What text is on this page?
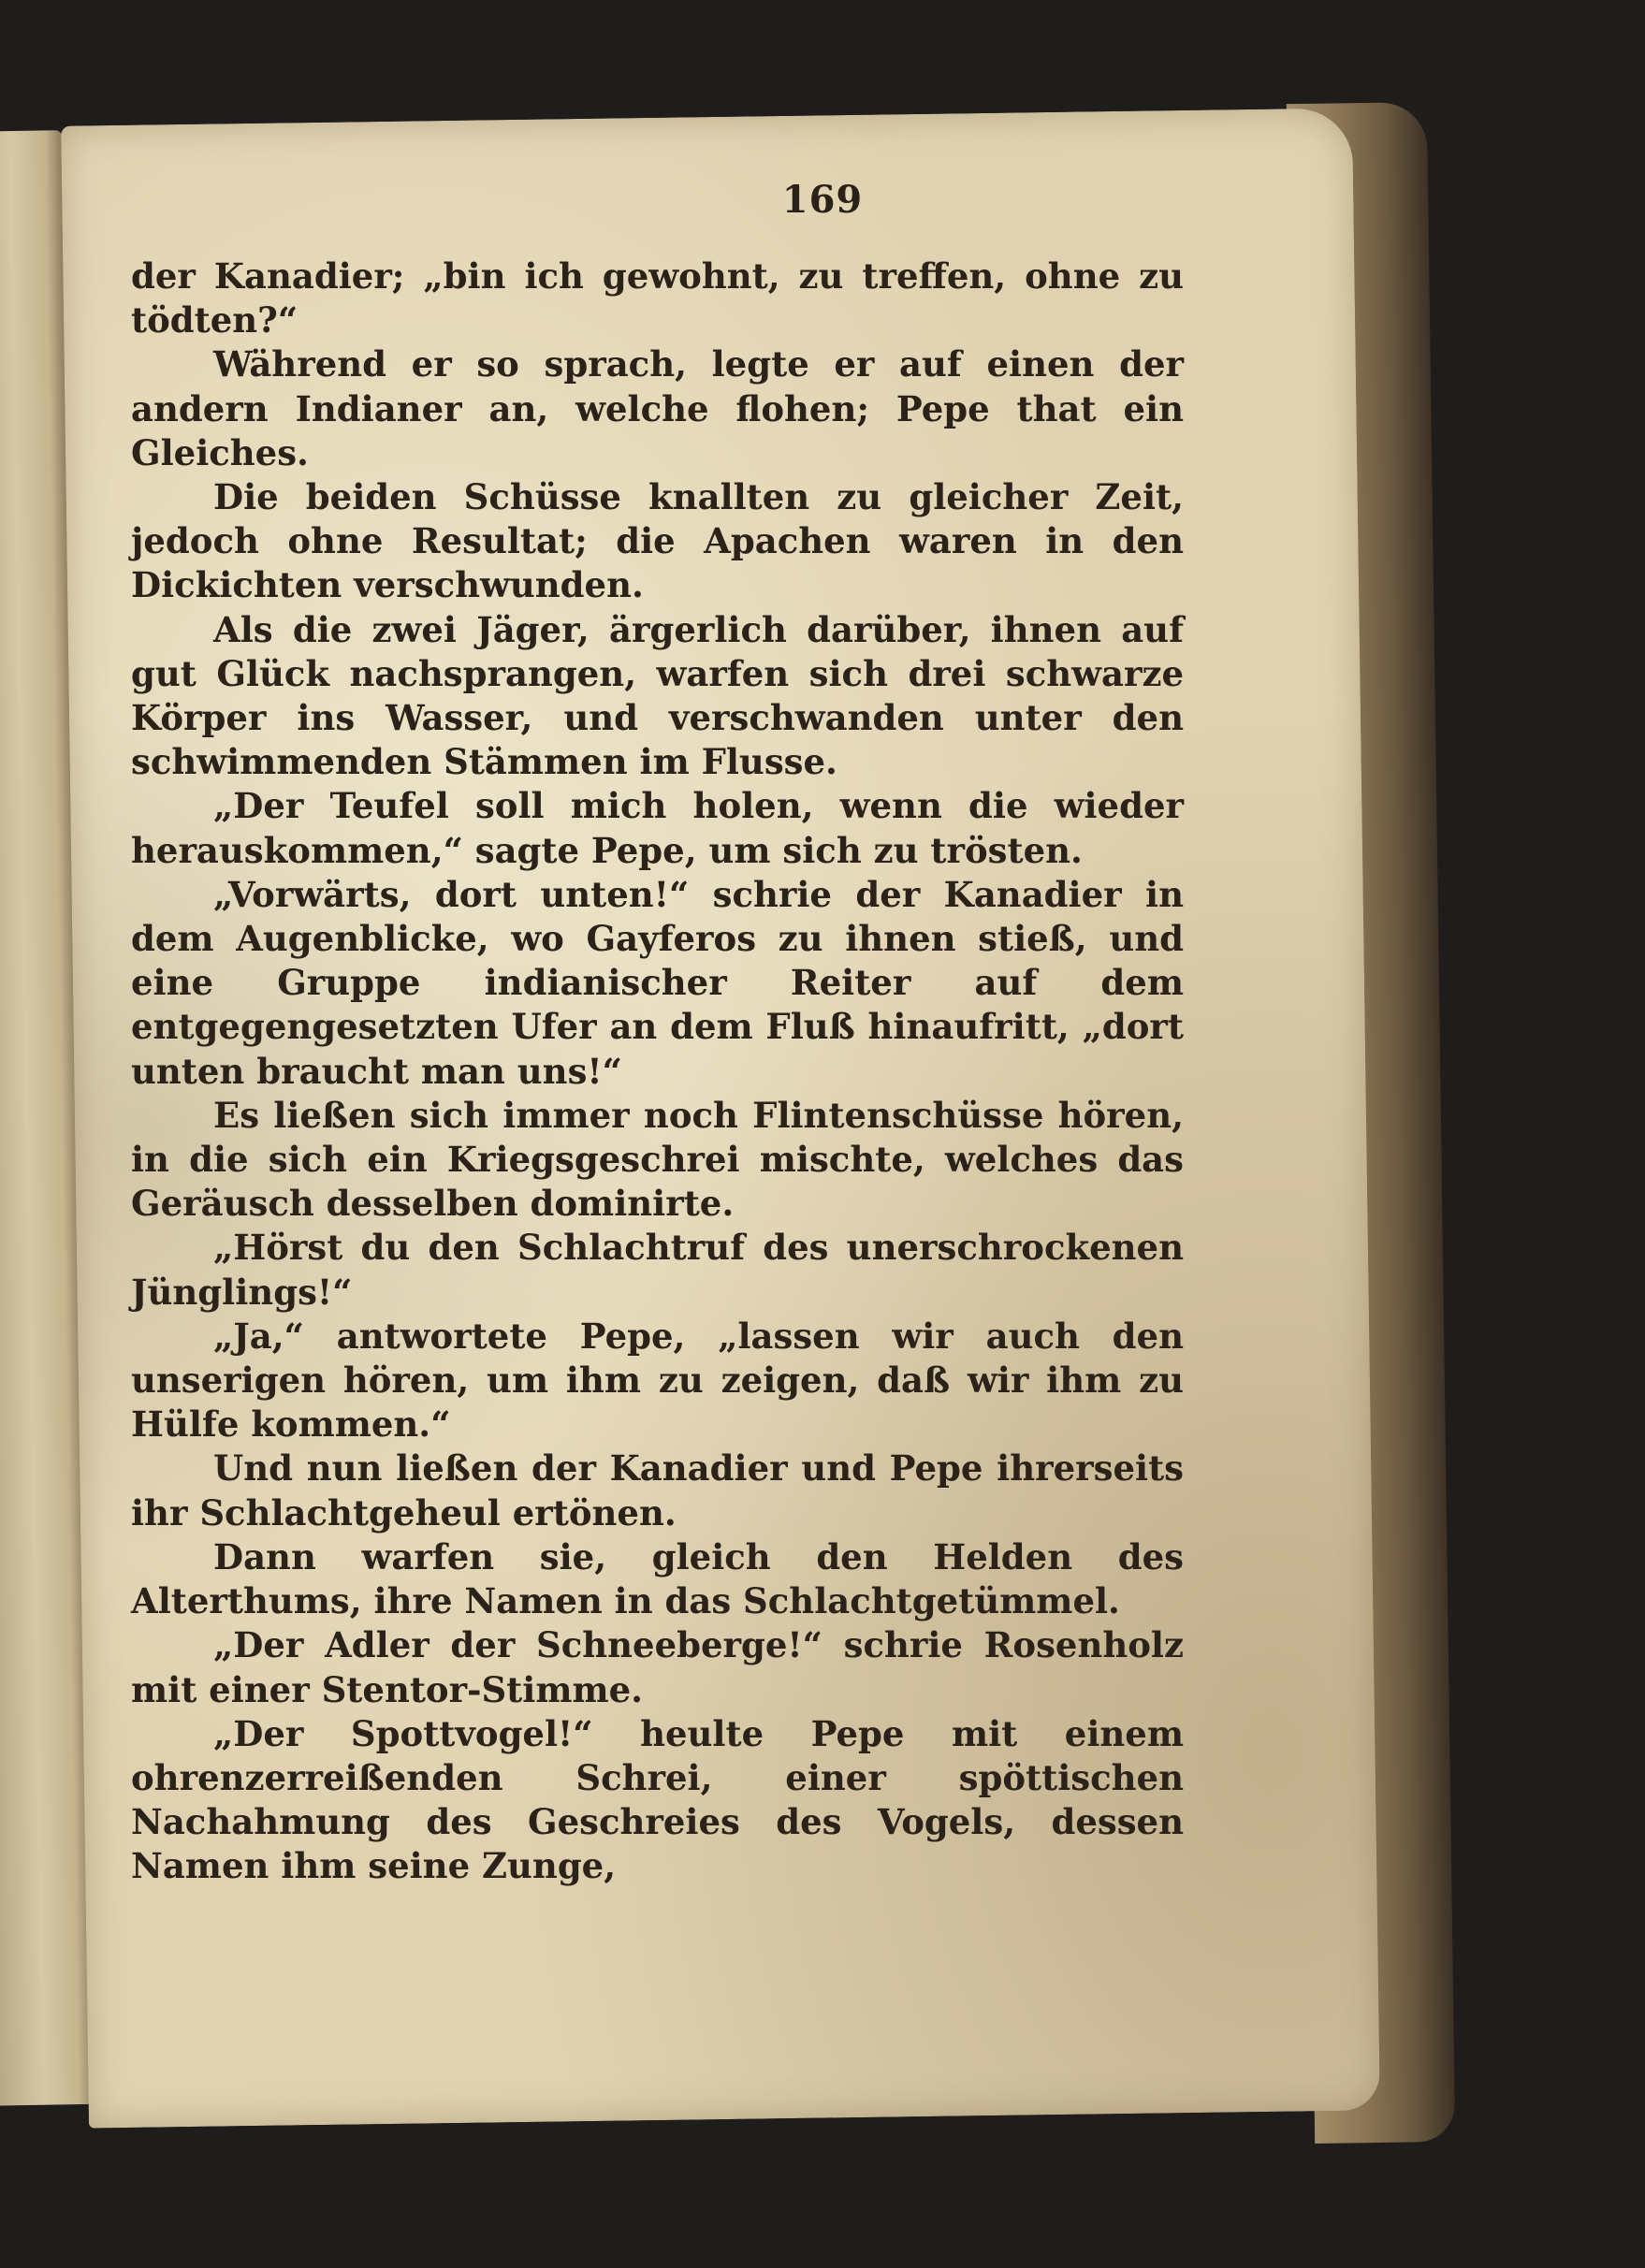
169

der Kanadier; „bin ich gewohnt, zu treffen, ohne zu tödten?“

Während er so sprach, legte er auf einen der andern Indianer an, welche flohen; Pepe that ein Gleiches.

Die beiden Schüsse knallten zu gleicher Zeit, jedoch ohne Resultat; die Apachen waren in den Dickichten verschwunden.

Als die zwei Jäger, ärgerlich darüber, ihnen auf gut Glück nachsprangen, warfen sich drei schwarze Körper ins Wasser, und verschwanden unter den schwimmenden Stämmen im Flusse.

„Der Teufel soll mich holen, wenn die wieder herauskommen,“ sagte Pepe, um sich zu trösten.

„Vorwärts, dort unten!“ schrie der Kanadier in dem Augenblicke, wo Gayferos zu ihnen stieß, und eine Gruppe indianischer Reiter auf dem entgegengesetzten Ufer an dem Fluß hinaufritt, „dort unten braucht man uns!“

Es ließen sich immer noch Flintenschüsse hören, in die sich ein Kriegsgeschrei mischte, welches das Geräusch desselben dominirte.

„Hörst du den Schlachtruf des unerschrockenen Jünglings!“

„Ja,“ antwortete Pepe, „lassen wir auch den unserigen hören, um ihm zu zeigen, daß wir ihm zu Hülfe kommen.“

Und nun ließen der Kanadier und Pepe ihrerseits ihr Schlachtgeheul ertönen.

Dann warfen sie, gleich den Helden des Alterthums, ihre Namen in das Schlachtgetümmel.

„Der Adler der Schneeberge!“ schrie Rosenholz mit einer Stentor-Stimme.

„Der Spottvogel!“ heulte Pepe mit einem ohrenzerreißenden Schrei, einer spöttischen Nachahmung des Geschreies des Vogels, dessen Namen ihm seine Zunge,
